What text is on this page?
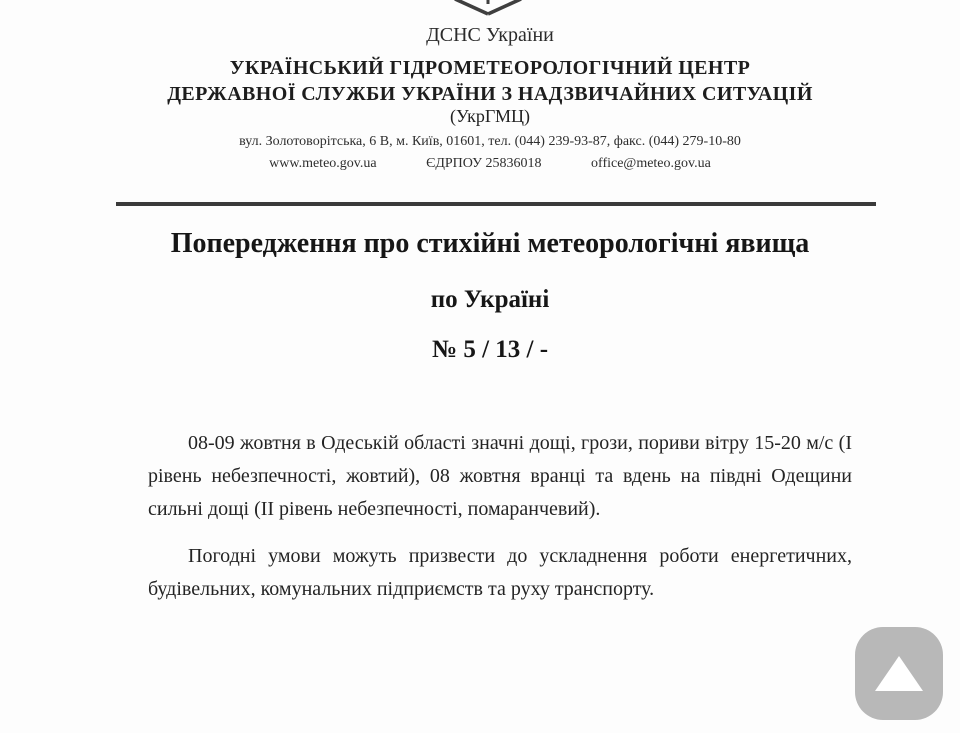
ДСНС України
УКРАЇНСЬКИЙ ГІДРОМЕТЕОРОЛОГІЧНИЙ ЦЕНТР
ДЕРЖАВНОЇ СЛУЖБИ УКРАЇНИ З НАДЗВИЧАЙНИХ СИТУАЦІЙ
(УкрГМЦ)
вул. Золотоворітська, 6 В, м. Київ, 01601, тел. (044) 239-93-87, факс. (044) 279-10-80
www.meteo.gov.ua	ЄДРПОУ 25836018	office@meteo.gov.ua
Попередження про стихійні метеорологічні явища
по Україні
№ 5 / 13 / -

08-09 жовтня в Одеській області значні дощі, грози, пориви вітру 15-20 м/с (І рівень небезпечності, жовтий), 08 жовтня вранці та вдень на півдні Одещини сильні дощі (ІІ рівень небезпечності, помаранчевий).

Погодні умови можуть призвести до ускладнення роботи енергетичних, будівельних, комунальних підприємств та руху транспорту.
